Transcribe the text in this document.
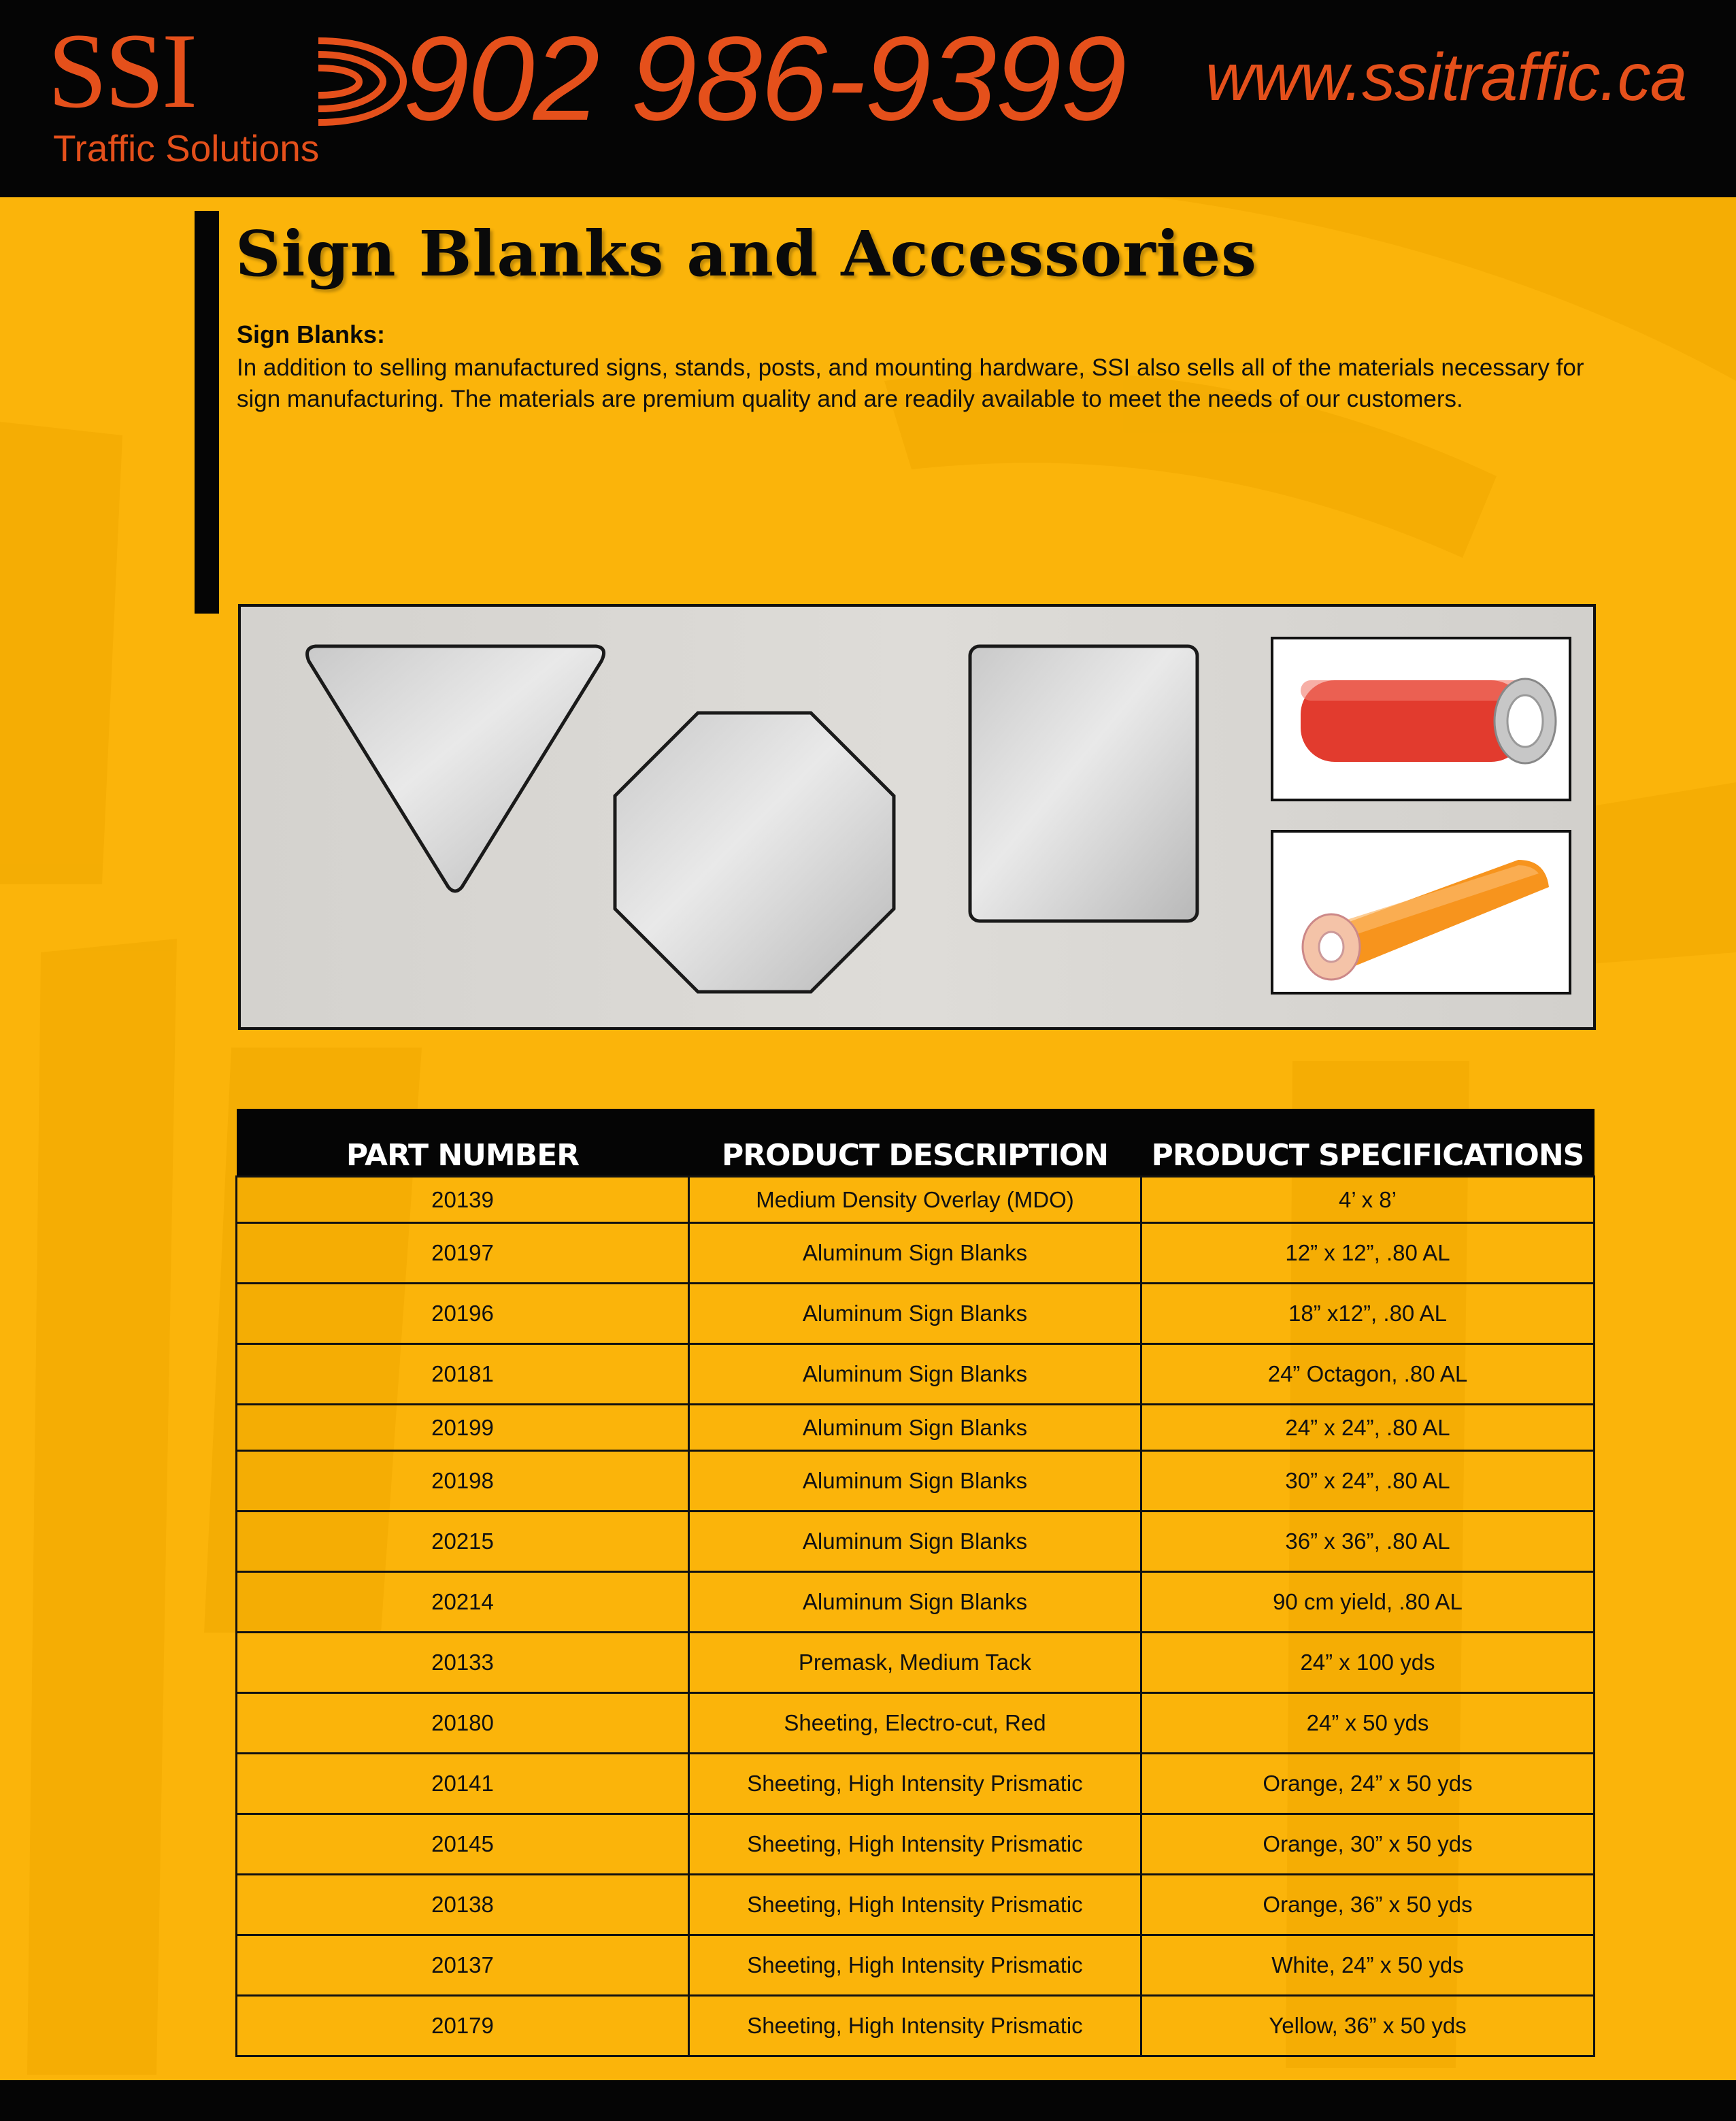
SSI
Traffic Solutions
902 986-9399 www.ssitraffic.ca
Sign Blanks and Accessories
Sign Blanks:
In addition to selling manufactured signs, stands, posts, and mounting hardware, SSI also sells all of the materials necessary for sign manufacturing. The materials are premium quality and are readily available to meet the needs of our customers.
PART NUMBER	PRODUCT DESCRIPTION	PRODUCT SPECIFICATIONS
20139	Medium Density Overlay (MDO)	4’ x 8’
20197	Aluminum Sign Blanks	12” x 12”, .80 AL
20196	Aluminum Sign Blanks	18” x12”, .80 AL
20181	Aluminum Sign Blanks	24” Octagon, .80 AL
20199	Aluminum Sign Blanks	24” x 24”, .80 AL
20198	Aluminum Sign Blanks	30” x 24”, .80 AL
20215	Aluminum Sign Blanks	36” x 36”, .80 AL
20214	Aluminum Sign Blanks	90 cm yield, .80 AL
20133	Premask, Medium Tack	24” x 100 yds
20180	Sheeting, Electro-cut, Red	24” x 50 yds
20141	Sheeting, High Intensity Prismatic	Orange, 24” x 50 yds
20145	Sheeting, High Intensity Prismatic	Orange, 30” x 50 yds
20138	Sheeting, High Intensity Prismatic	Orange, 36” x 50 yds
20137	Sheeting, High Intensity Prismatic	White, 24” x 50 yds
20179	Sheeting, High Intensity Prismatic	Yellow, 36” x 50 yds
